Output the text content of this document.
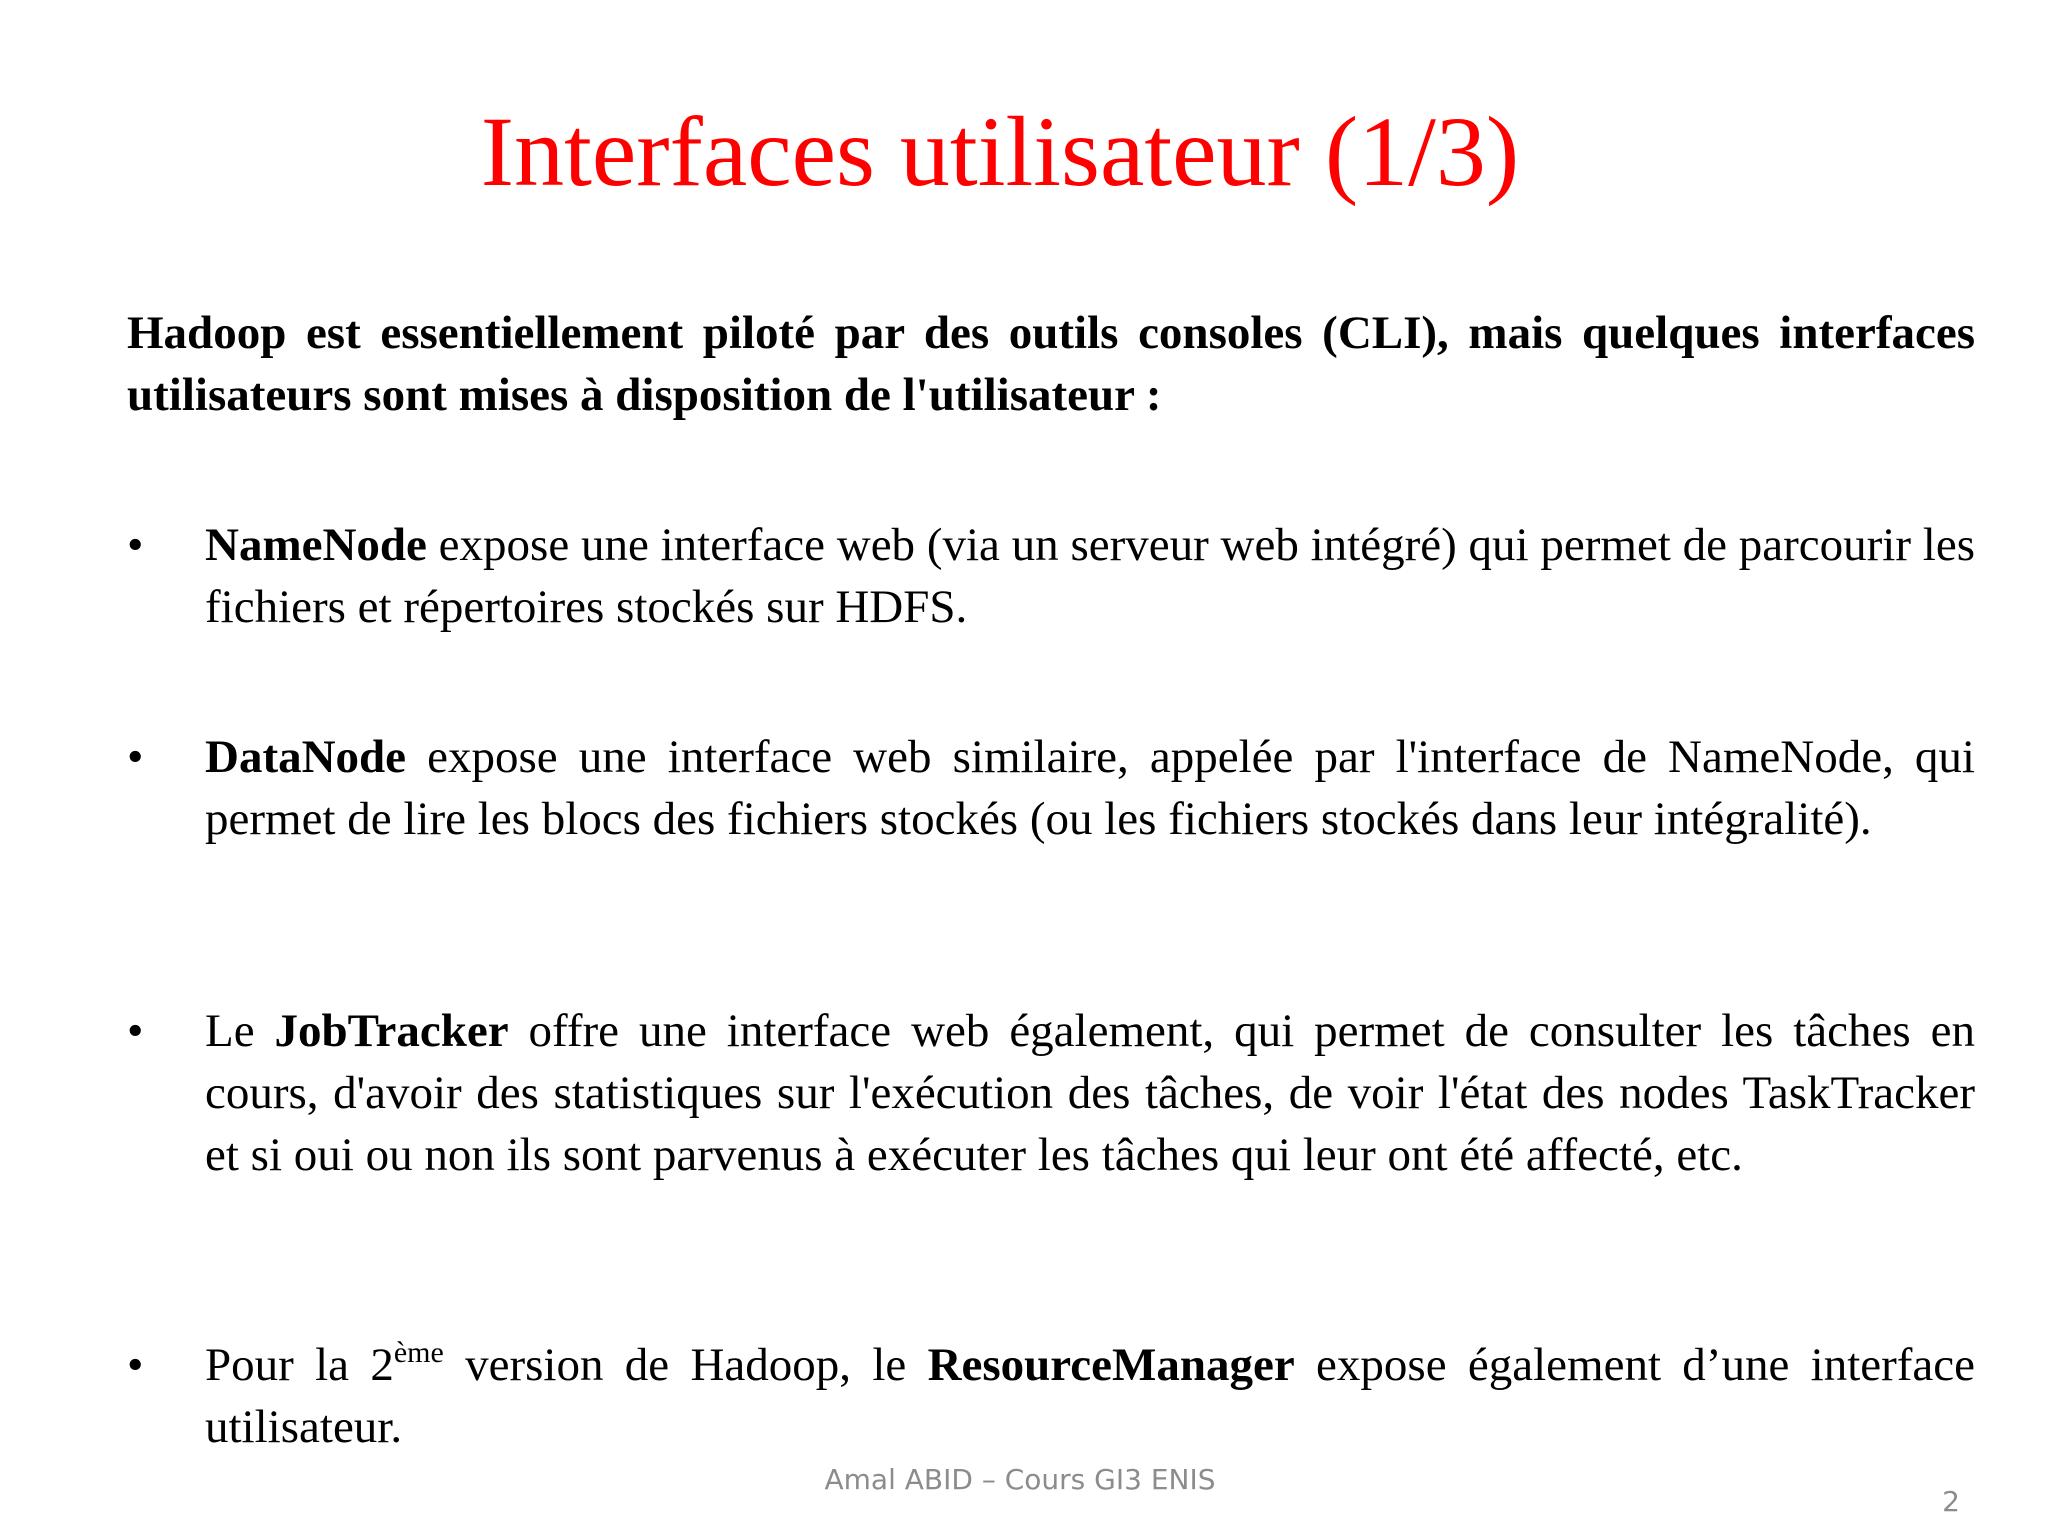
Interfaces utilisateur (1/3)

Hadoop est essentiellement piloté par des outils consoles (CLI), mais quelques interfaces utilisateurs sont mises à disposition de l'utilisateur :

•	NameNode expose une interface web (via un serveur web intégré) qui permet de parcourir les fichiers et répertoires stockés sur HDFS.

•	DataNode expose une interface web similaire, appelée par l'interface de NameNode, qui permet de lire les blocs des fichiers stockés (ou les fichiers stockés dans leur intégralité).

•	Le JobTracker offre une interface web également, qui permet de consulter les tâches en cours, d'avoir des statistiques sur l'exécution des tâches, de voir l'état des nodes TaskTracker et si oui ou non ils sont parvenus à exécuter les tâches qui leur ont été affecté, etc.

•	Pour la 2ème version de Hadoop, le ResourceManager expose également d’une interface utilisateur.

Amal ABID – Cours GI3 ENIS
2
